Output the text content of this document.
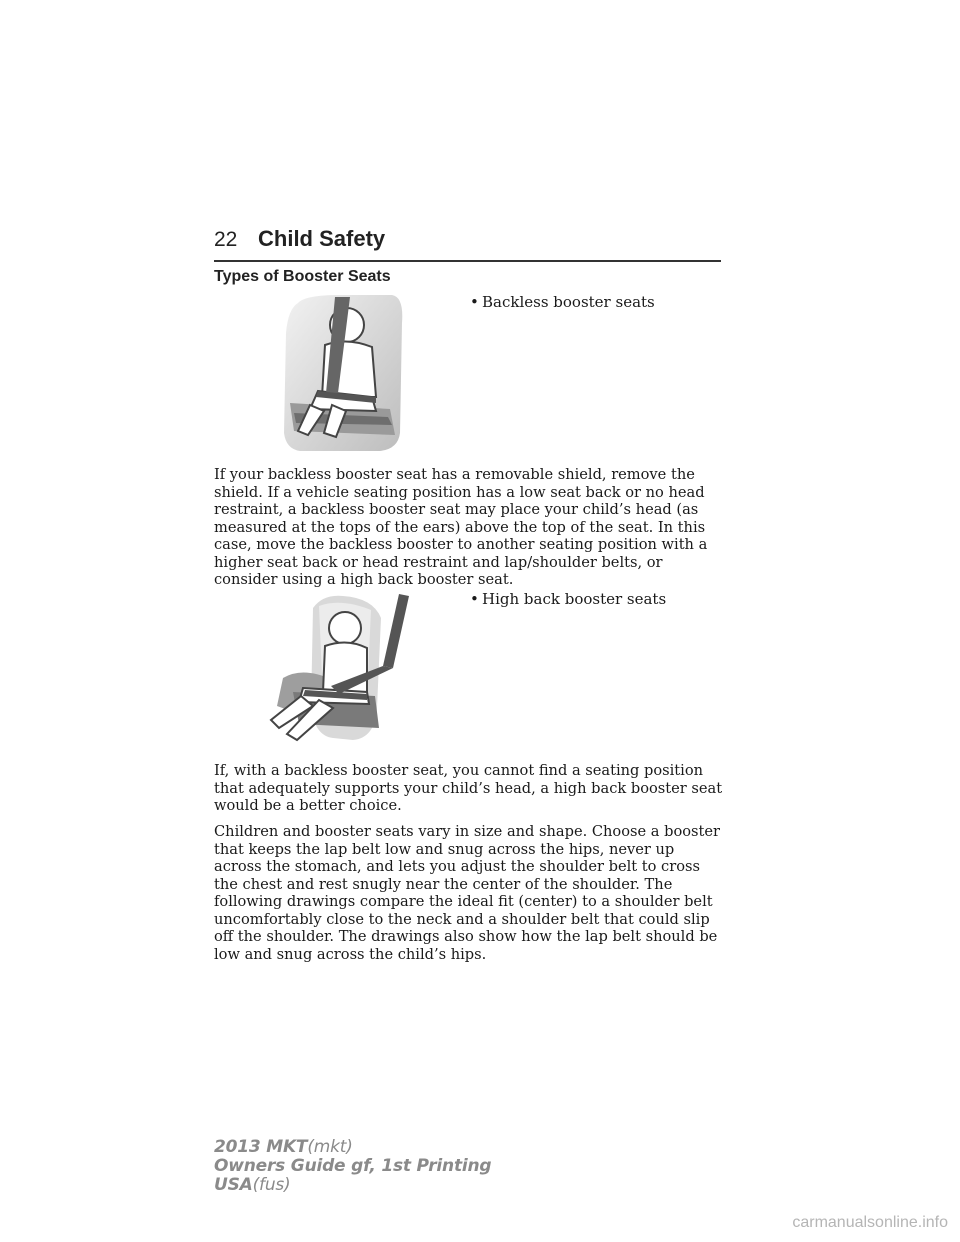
22 Child Safety
Types of Booster Seats
• Backless booster seats

If your backless booster seat has a removable shield, remove the shield. If a vehicle seating position has a low seat back or no head restraint, a backless booster seat may place your child’s head (as measured at the tops of the ears) above the top of the seat. In this case, move the backless booster to another seating position with a higher seat back or head restraint and lap/shoulder belts, or consider using a high back booster seat.

• High back booster seats

If, with a backless booster seat, you cannot find a seating position that adequately supports your child’s head, a high back booster seat would be a better choice.

Children and booster seats vary in size and shape. Choose a booster that keeps the lap belt low and snug across the hips, never up across the stomach, and lets you adjust the shoulder belt to cross the chest and rest snugly near the center of the shoulder. The following drawings compare the ideal fit (center) to a shoulder belt uncomfortably close to the neck and a shoulder belt that could slip off the shoulder. The drawings also show how the lap belt should be low and snug across the child’s hips.

2013 MKT(mkt)
Owners Guide gf, 1st Printing
USA(fus)
carmanualsonline.info
